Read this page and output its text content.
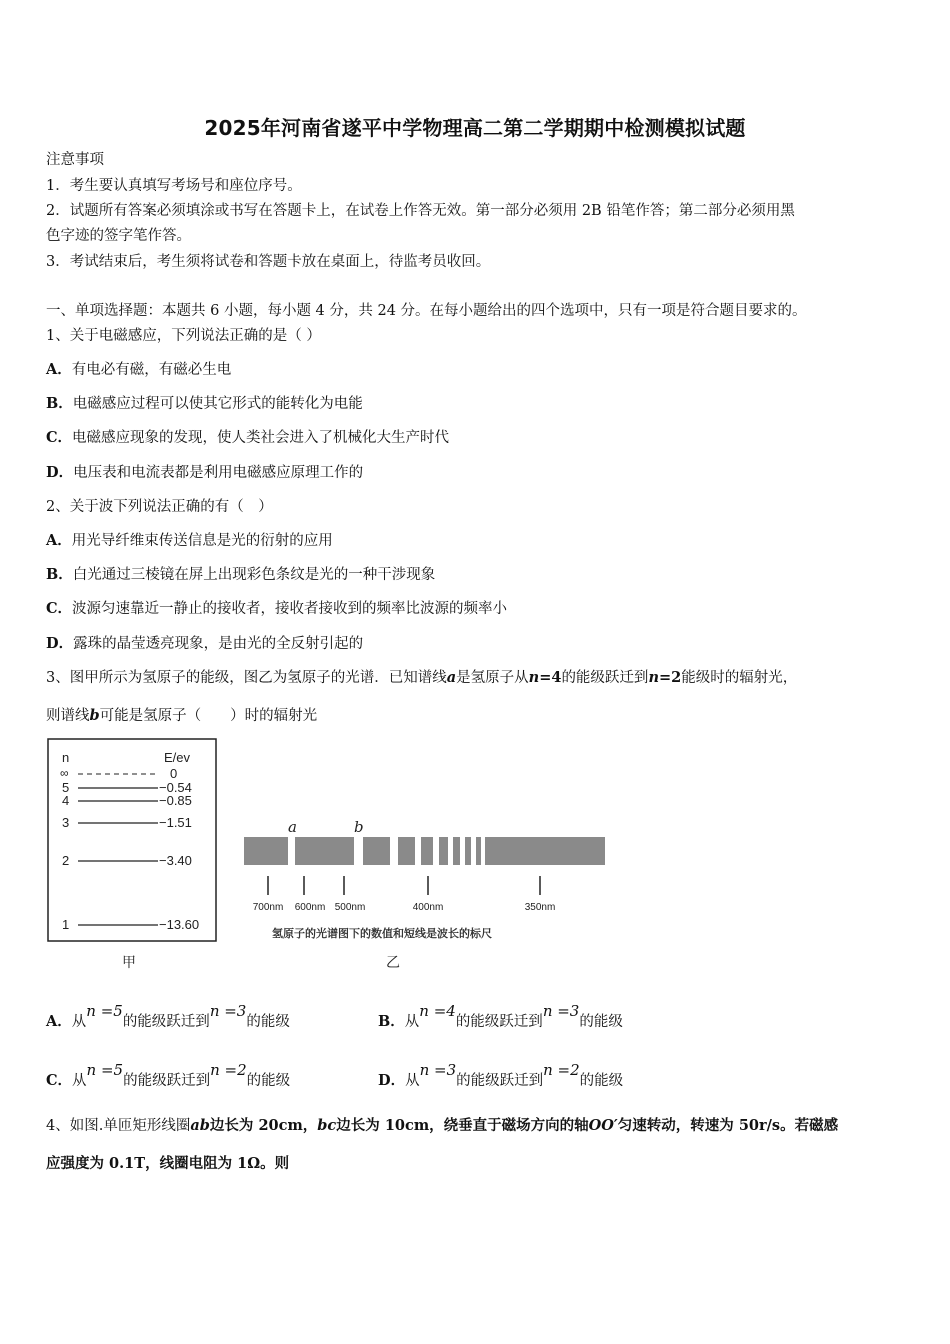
2025年河南省遂平中学物理高二第二学期期中检测模拟试题
注意事项
1．考生要认真填写考场号和座位序号。
2．试题所有答案必须填涂或书写在答题卡上，在试卷上作答无效。第一部分必须用 2B 铅笔作答；第二部分必须用黑
色字迹的签字笔作答。
3．考试结束后，考生须将试卷和答题卡放在桌面上，待监考员收回。
一、单项选择题：本题共 6 小题，每小题 4 分，共 24 分。在每小题给出的四个选项中，只有一项是符合题目要求的。
1、关于电磁感应，下列说法正确的是（ ）
A．有电必有磁，有磁必生电
B．电磁感应过程可以使其它形式的能转化为电能
C．电磁感应现象的发现，使人类社会进入了机械化大生产时代
D．电压表和电流表都是利用电磁感应原理工作的
2、关于波下列说法正确的有（　）
A．用光导纤维束传送信息是光的衍射的应用
B．白光通过三棱镜在屏上出现彩色条纹是光的一种干涉现象
C．波源匀速靠近一静止的接收者，接收者接收到的频率比波源的频率小
D．露珠的晶莹透亮现象，是由光的全反射引起的
3、图甲所示为氢原子的能级，图乙为氢原子的光谱．已知谱线a是氢原子从n=4的能级跃迁到n=2能级时的辐射光，
则谱线b可能是氢原子（　　）时的辐射光
n	E/ev
∞	0
5	−0.54
4	−0.85
3	−1.51
2	−3.40
1	−13.60
a	b
700nm 600nm 500nm	400nm	350nm
氢原子的光谱图下的数值和短线是波长的标尺
甲	乙
A．从n =5的能级跃迁到n =3的能级	B．从n =4的能级跃迁到n =3的能级
C．从n =5的能级跃迁到n =2的能级	D．从n =3的能级跃迁到n =2的能级
4、如图.单匝矩形线圈ab边长为 20cm，bc边长为 10cm，绕垂直于磁场方向的轴OO′匀速转动，转速为 50r/s。若磁感
应强度为 0.1T，线圈电阻为 1Ω。则
